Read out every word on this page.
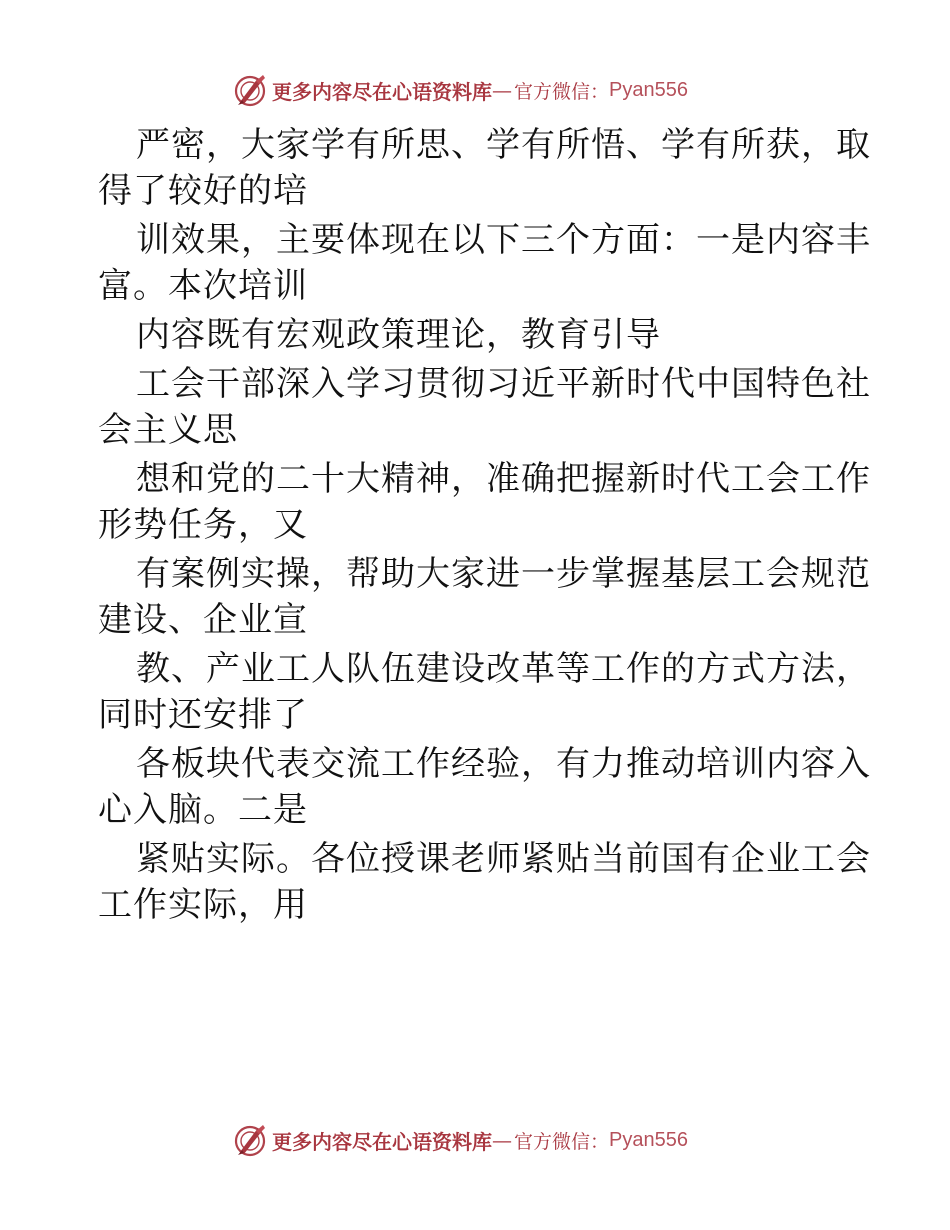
更多内容尽在心语资料库 — 官方微信： Pyan556
严密，大家学有所思、学有所悟、学有所获，取
得了较好的培
训效果，主要体现在以下三个方面：一是内容丰
富。本次培训
内容既有宏观政策理论，教育引导
工会干部深入学习贯彻习近平新时代中国特色社
会主义思
想和党的二十大精神，准确把握新时代工会工作
形势任务，又
有案例实操，帮助大家进一步掌握基层工会规范
建设、企业宣
教、产业工人队伍建设改革等工作的方式方法，
同时还安排了
各板块代表交流工作经验，有力推动培训内容入
心入脑。二是
紧贴实际。各位授课老师紧贴当前国有企业工会
工作实际，用
更多内容尽在心语资料库 — 官方微信： Pyan556
